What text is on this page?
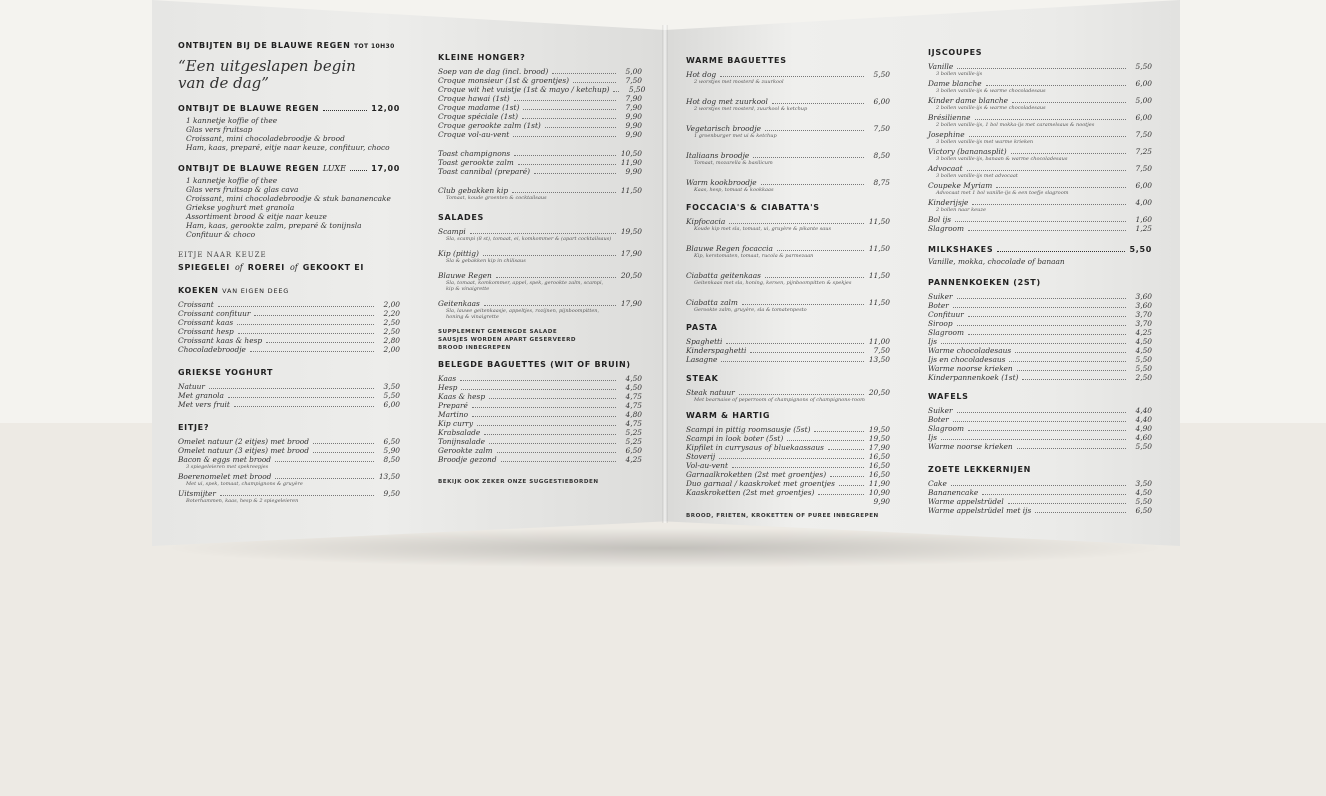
ONTBIJTEN BIJ DE BLAUWE REGEN TOT 10H30
“Een uitgeslapen begin
van de dag”
ONTBIJT DE BLAUWE REGEN	12,00
1 kannetje koffie of thee
Glas vers fruitsap
Croissant, mini chocoladebroodje & brood
Ham, kaas, preparé, eitje naar keuze, confituur, choco
ONTBIJT DE BLAUWE REGEN
LUXE	17,00
1 kannetje koffie of thee
Glas vers fruitsap & glas cava
Croissant, mini chocoladebroodje & stuk bananencake
Griekse yoghurt met granola
Assortiment brood & eitje naar keuze
Ham, kaas, gerookte zalm, preparé & tonijnsla
Confituur & choco
EITJE NAAR KEUZE
SPIEGELEI of ROEREI of GEKOOKT EI
KOEKEN VAN EIGEN DEEG
Croissant	2,00
Croissant confituur	2,20
Croissant kaas	2,50
Croissant hesp	2,50
Croissant kaas & hesp	2,80
Chocoladebroodje	2,00
GRIEKSE YOGHURT
Natuur	3,50
Met granola	5,50
Met vers fruit	6,00
EITJE?
Omelet natuur (2 eitjes) met brood	6,50
Omelet natuur (3 eitjes) met brood	5,90
Bacon & eggs met brood	8,50
3 spiegeleieren met spekreepjes
Boerenomelet met brood	13,50
Met ui, spek, tomaat, champignons & gruyère
Uitsmijter	9,50
Boterhammen, kaas, hesp & 2 spiegeleieren
KLEINE HONGER?
Soep van de dag (incl. brood)	5,00
Croque monsieur (1st & groentjes)	7,50
Croque wit het vuistje (1st & mayo / ketchup)	5,50
Croque hawai (1st)	7,90
Croque madame (1st)	7,90
Croque spéciale (1st)	9,90
Croque gerookte zalm (1st)	9,90
Croque vol-au-vent	9,90
Toast champignons	10,50
Toast gerookte zalm	11,90
Toast cannibal (preparé)	9,90
Club gebakken kip	11,50
Tomaat, koude groenten & cocktailsaus
SALADES
Scampi	19,50
Sla, scampi (8 st), tomaat, ei, komkommer & (apart cocktailsaus)
Kip (pittig)	17,90
Sla & gebakken kip in chilisaus
Blauwe Regen	20,50
Sla, tomaat, komkommer, appel, spek, gerookte zalm, scampi, kip & vinaigrette
Geitenkaas	17,90
Sla, lauwe geitenkaasje, appeltjes, rozijnen, pijnboompitten, honing & vinaigrette
SUPPLEMENT GEMENGDE SALADE
SAUSJES WORDEN APART GESERVEERD
BROOD INBEGREPEN
BELEGDE BAGUETTES (WIT OF BRUIN)
Kaas	4,50
Hesp	4,50
Kaas & hesp	4,75
Preparé	4,75
Martino	4,80
Kip curry	4,75
Krabsalade	5,25
Tonijnsalade	5,25
Gerookte zalm	6,50
Broodje gezond	4,25
BEKIJK OOK ZEKER ONZE SUGGESTIEBORDEN
WARME BAGUETTES
Hot dog	5,50
2 worstjes met mosterd & zuurkool
Hot dog met zuurkool	6,00
2 worstjes met mosterd, zuurkool & ketchup
Vegetarisch broodje	7,50
1 groenburger met ui & ketchup
Italiaans broodje	8,50
Tomaat, mozarella & basilicum
Warm kookbroodje	8,75
Kaas, hesp, tomaat & kookkaas
FOCCACIA'S & CIABATTA'S
Kipfocacia	11,50
Koude kip met sla, tomaat, ui, gruyère & pikante saus
Blauwe Regen focaccia	11,50
Kip, kerstomaten, tomaat, rucola & parmezaan
Ciabatta geitenkaas	11,50
Geitenkaas met sla, honing, kersen, pijnboompitten & spekjes
Ciabatta zalm	11,50
Gerookte zalm, gruyère, sla & tomatenpesto
PASTA
Spaghetti	11,00
Kinderspaghetti	7,50
Lasagne	13,50
STEAK
Steak natuur	20,50
Met bearnaise of peperroom of champignons of champignons-room
WARM & HARTIG
Scampi in pittig roomsausje (5st)	19,50
Scampi in look boter (5st)	19,50
Kipfilet in currysaus of bluekaassaus	17,90
Stoverij	16,50
Vol-au-vent	16,50
Garnaalkroketten (2st met groentjes)	16,50
Duo garnaal / kaaskroket met groentjes	11,90
Kaaskroketten (2st met groentjes)	10,90
9,90
BROOD, FRIETEN, KROKETTEN OF PUREE INBEGREPEN
IJSCOUPES
Vanille	5,50
3 bollen vanille-ijs
Dame blanche	6,00
3 bollen vanille-ijs & warme chocoladesaus
Kinder dame blanche	5,00
2 bollen vanille-ijs & warme chocoladesaus
Brésilienne	6,00
2 bollen vanille-ijs, 1 bol mokka-ijs met caramelsaus & nootjes
Josephine	7,50
3 bollen vanille-ijs met warme krieken
Victory (bananasplit)	7,25
3 bollen vanille-ijs, banaan & warme chocoladesaus
Advocaat	7,50
3 bollen vanille-ijs met advocaat
Coupeke Myriam	6,00
Advocaat met 1 bol vanille-ijs & een toefje slagroom
Kinderijsje	4,00
2 bollen naar keuze
Bol ijs	1,60
Slagroom	1,25
MILKSHAKES	5,50
Vanille, mokka, chocolade of banaan
PANNENKOEKEN (2ST)
Suiker	3,60
Boter	3,60
Confituur	3,70
Siroop	3,70
Slagroom	4,25
Ijs	4,50
Warme chocoladesaus	4,50
Ijs en chocoladesaus	5,50
Warme noorse krieken	5,50
Kinderpannenkoek (1st)	2,50
WAFELS
Suiker	4,40
Boter	4,40
Slagroom	4,90
Ijs	4,60
Warme noorse krieken	5,50
ZOETE LEKKERNIJEN
Cake	3,50
Bananencake	4,50
Warme appelstrüdel	5,50
Warme appelstrüdel met ijs	6,50
